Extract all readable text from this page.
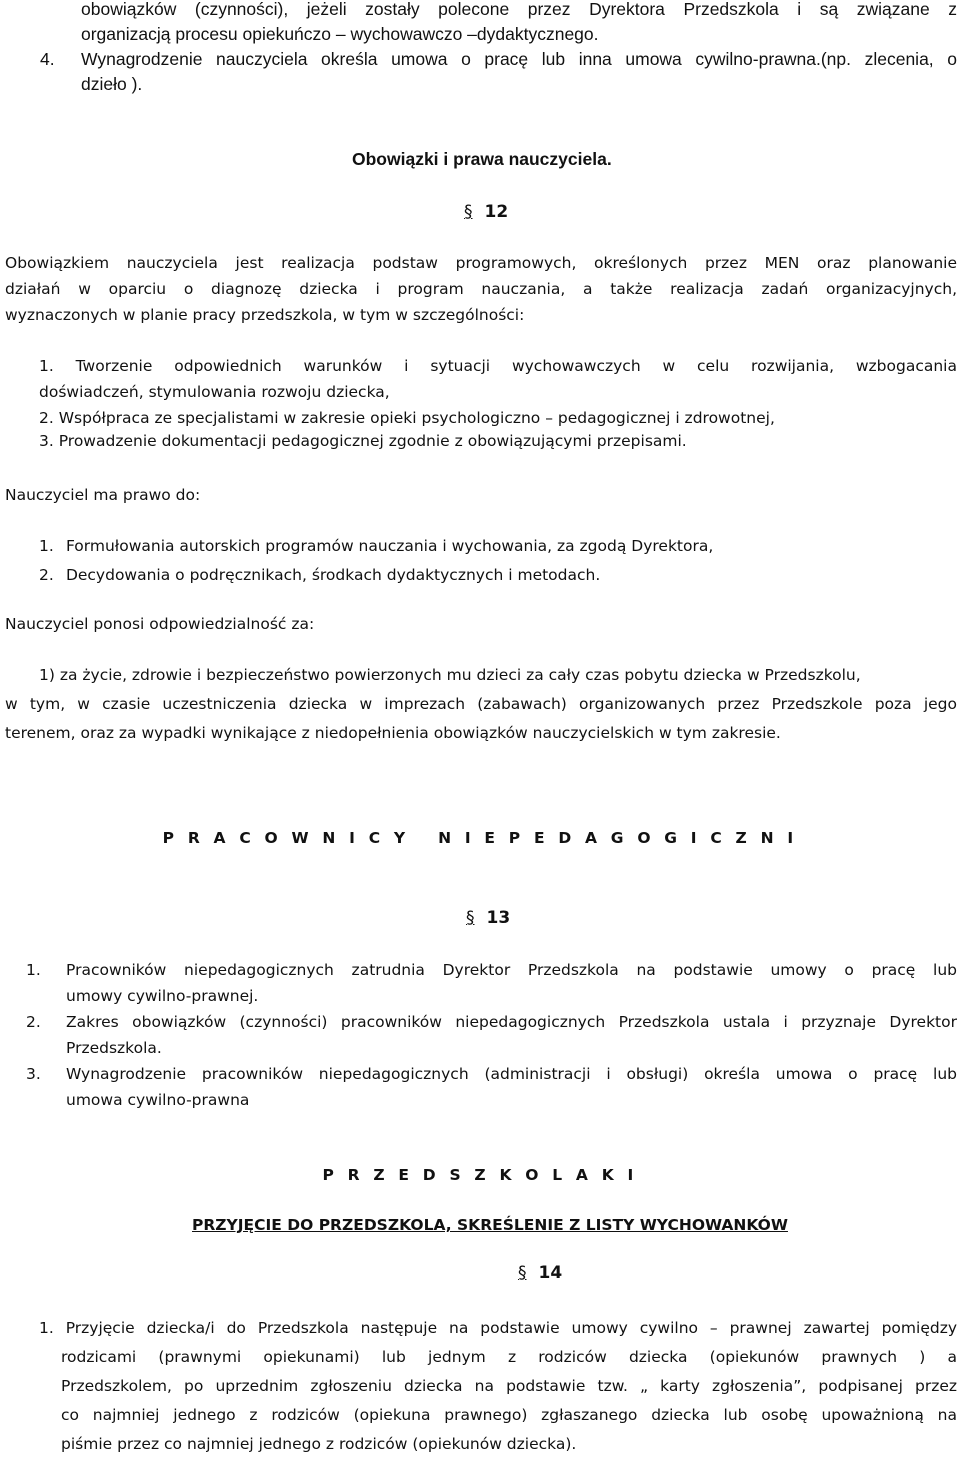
obowiązków (czynności), jeżeli zostały polecone przez Dyrektora Przedszkola i są związane z
organizacją procesu opiekuńczo – wychowawczo –dydaktycznego.
4. Wynagrodzenie nauczyciela określa umowa o pracę lub inna umowa cywilno-prawna.(np. zlecenia, o
dzieło ).
Obowiązki i prawa nauczyciela.
§ 12
Obowiązkiem nauczyciela jest realizacja podstaw programowych, określonych przez MEN oraz planowanie
działań w oparciu o diagnozę dziecka i program nauczania, a także realizacja zadań organizacyjnych,
wyznaczonych w planie pracy przedszkola, w tym w szczególności:
1. Tworzenie odpowiednich warunków i sytuacji wychowawczych w celu rozwijania, wzbogacania
doświadczeń, stymulowania rozwoju dziecka,
2. Współpraca ze specjalistami w zakresie opieki psychologiczno – pedagogicznej i zdrowotnej,
3. Prowadzenie dokumentacji pedagogicznej zgodnie z obowiązującymi przepisami.
Nauczyciel ma prawo do:
1. Formułowania autorskich programów nauczania i wychowania, za zgodą Dyrektora,
2. Decydowania o podręcznikach, środkach dydaktycznych i metodach.
Nauczyciel ponosi odpowiedzialność za:
1) za życie, zdrowie i bezpieczeństwo powierzonych mu dzieci za cały czas pobytu dziecka w Przedszkolu,
w tym, w czasie uczestniczenia dziecka w imprezach (zabawach) organizowanych przez Przedszkole poza jego
terenem, oraz za wypadki wynikające z niedopełnienia obowiązków nauczycielskich w tym zakresie.
P R A C O W N I C Y   N I E P E D A G O G I C Z N I
§ 13
1. Pracowników niepedagogicznych zatrudnia Dyrektor Przedszkola na podstawie umowy o pracę lub
umowy cywilno-prawnej.
2. Zakres obowiązków (czynności) pracowników niepedagogicznych Przedszkola ustala i przyznaje Dyrektor
Przedszkola.
3. Wynagrodzenie pracowników niepedagogicznych (administracji i obsługi) określa umowa o pracę lub
umowa cywilno-prawna
P R Z E D S Z K O L A K I
PRZYJĘCIE DO PRZEDSZKOLA, SKREŚLENIE Z LISTY WYCHOWANKÓW
§ 14
1. Przyjęcie dziecka/i do Przedszkola następuje na podstawie umowy cywilno – prawnej zawartej pomiędzy
rodzicami (prawnymi opiekunami) lub jednym z rodziców dziecka (opiekunów prawnych ) a
Przedszkolem, po uprzednim zgłoszeniu dziecka na podstawie tzw. „ karty zgłoszenia”, podpisanej przez
co najmniej jednego z rodziców (opiekuna prawnego) zgłaszanego dziecka lub osobę upoważnioną na
piśmie przez co najmniej jednego z rodziców (opiekunów dziecka).
